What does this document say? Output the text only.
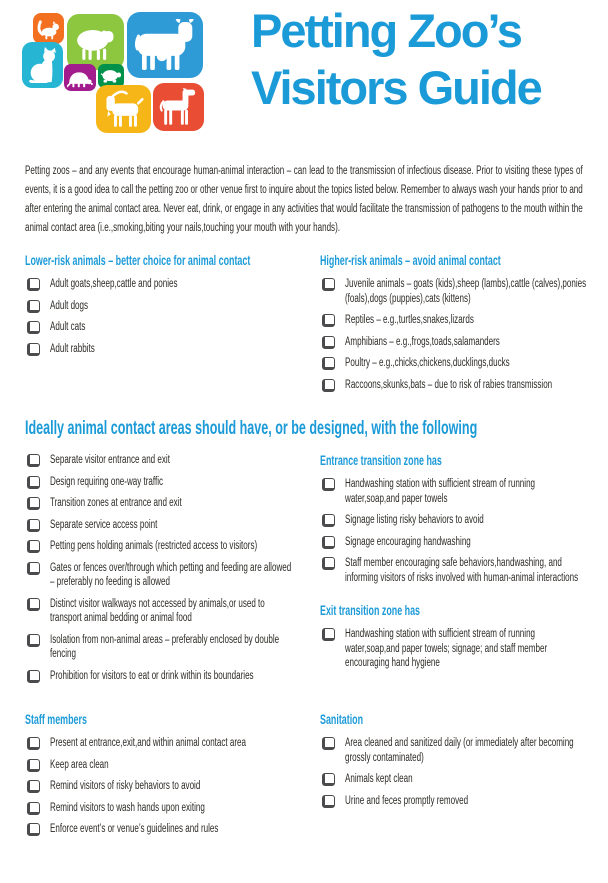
Petting Zoo’s
Visitors Guide
Petting zoos – and any events that encourage human-animal interaction – can lead to the transmission of infectious disease. Prior to visiting these types of events, it is a good idea to call the petting zoo or other venue first to inquire about the topics listed below. Remember to always wash your hands prior to and after entering the animal contact area. Never eat, drink, or engage in any activities that would facilitate the transmission of pathogens to the mouth within the animal contact area (i.e.,smoking,biting your nails,touching your mouth with your hands).
Lower-risk animals – better choice for animal contact
Adult goats,sheep,cattle and ponies
Adult dogs
Adult cats
Adult rabbits
Higher-risk animals – avoid animal contact
Juvenile animals – goats (kids),sheep (lambs),cattle (calves),ponies (foals),dogs (puppies),cats (kittens)
Reptiles – e.g.,turtles,snakes,lizards
Amphibians – e.g.,frogs,toads,salamanders
Poultry – e.g.,chicks,chickens,ducklings,ducks
Raccoons,skunks,bats – due to risk of rabies transmission
Ideally animal contact areas should have, or be designed, with the following
Separate visitor entrance and exit
Design requiring one-way traffic
Transition zones at entrance and exit
Separate service access point
Petting pens holding animals (restricted access to visitors)
Gates or fences over/through which petting and feeding are allowed – preferably no feeding is allowed
Distinct visitor walkways not accessed by animals,or used to transport animal bedding or animal food
Isolation from non-animal areas – preferably enclosed by double fencing
Prohibition for visitors to eat or drink within its boundaries
Entrance transition zone has
Handwashing station with sufficient stream of running water,soap,and paper towels
Signage listing risky behaviors to avoid
Signage encouraging handwashing
Staff member encouraging safe behaviors,handwashing, and informing visitors of risks involved with human-animal interactions
Exit transition zone has
Handwashing station with sufficient stream of running water,soap,and paper towels; signage; and staff member encouraging hand hygiene
Staff members
Present at entrance,exit,and within animal contact area
Keep area clean
Remind visitors of risky behaviors to avoid
Remind visitors to wash hands upon exiting
Enforce event’s or venue’s guidelines and rules
Sanitation
Area cleaned and sanitized daily (or immediately after becoming grossly contaminated)
Animals kept clean
Urine and feces promptly removed
